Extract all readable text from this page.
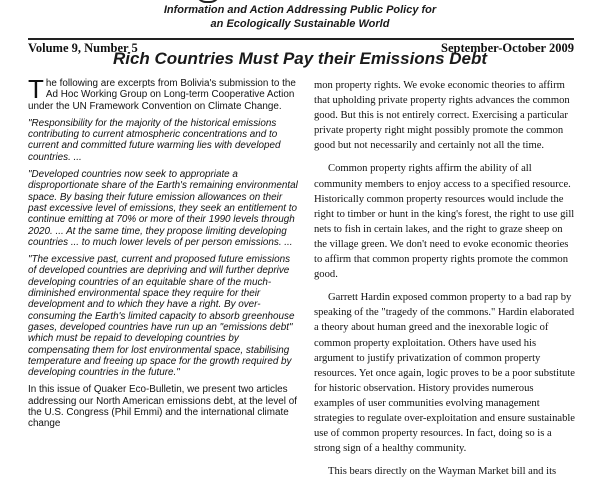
Information and Action Addressing Public Policy for
an Ecologically Sustainable World
Volume 9, Number 5	September-October 2009
Rich Countries Must Pay their Emissions Debt

The following are excerpts from Bolivia's submission to the Ad Hoc Working Group on Long-term Cooperative Action under the UN Framework Convention on Climate Change.

"Responsibility for the majority of the historical emissions contributing to current atmospheric concentrations and to current and committed future warming lies with developed countries. ...

"Developed countries now seek to appropriate a disproportionate share of the Earth's remaining environmental space. By basing their future emission allowances on their past excessive level of emissions, they seek an entitlement to continue emitting at 70% or more of their 1990 levels through 2020. ... At the same time, they propose limiting developing countries ... to much lower levels of per person emissions. ...

"The excessive past, current and proposed future emissions of developed countries are depriving and will further deprive developing countries of an equitable share of the much-diminished environmental space they require for their development and to which they have a right. By over-consuming the Earth's limited capacity to absorb greenhouse gases, developed countries have run up an "emissions debt" which must be repaid to developing countries by compensating them for lost environmental space, stabilising temperature and freeing up space for the growth required by developing countries in the future."

In this issue of Quaker Eco-Bulletin, we present two articles addressing our North American emissions debt, at the level of the U.S. Congress (Phil Emmi) and the international climate change

mon property rights. We evoke economic theories to affirm that upholding private property rights advances the common good. But this is not entirely correct. Exercising a particular private property right might possibly promote the common good but not necessarily and certainly not all the time.

Common property rights affirm the ability of all community members to enjoy access to a specified resource. Historically common property resources would include the right to timber or hunt in the king's forest, the right to use gill nets to fish in certain lakes, and the right to graze sheep on the village green. We don't need to evoke economic theories to affirm that common property rights promote the common good.

Garrett Hardin exposed common property to a bad rap by speaking of the "tragedy of the commons." Hardin elaborated a theory about human greed and the inexorable logic of common property exploitation. Others have used his argument to justify privatization of common property resources. Yet once again, logic proves to be a poor substitute for historic observation. History provides numerous examples of user communities evolving management strategies to regulate over-exploitation and ensure sustainable use of common property resources. In fact, doing so is a strong sign of a healthy community.

This bears directly on the Wayman Market bill and its
